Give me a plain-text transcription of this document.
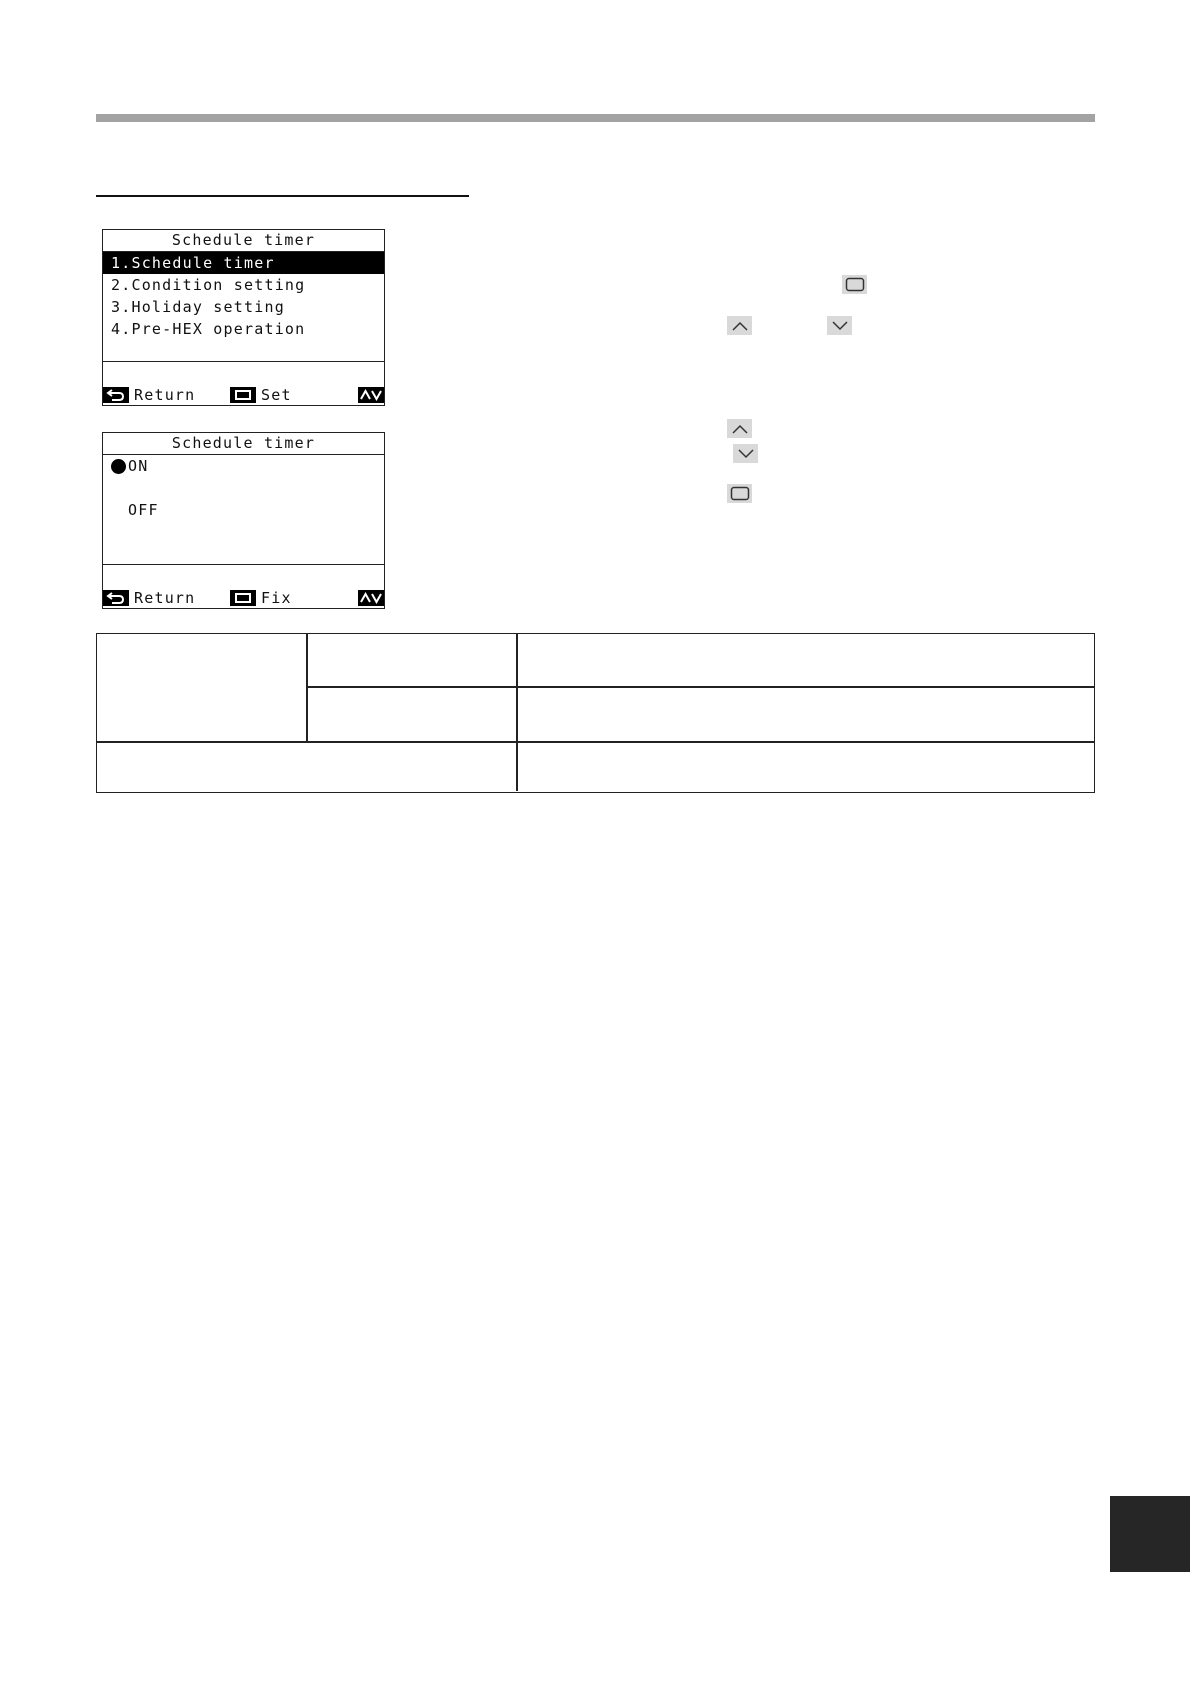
Schedule timer
1.Schedule timer
2.Condition setting
3.Holiday setting
4.Pre-HEX operation
Return	Set
Schedule timer
ON
OFF
Return	Fix
